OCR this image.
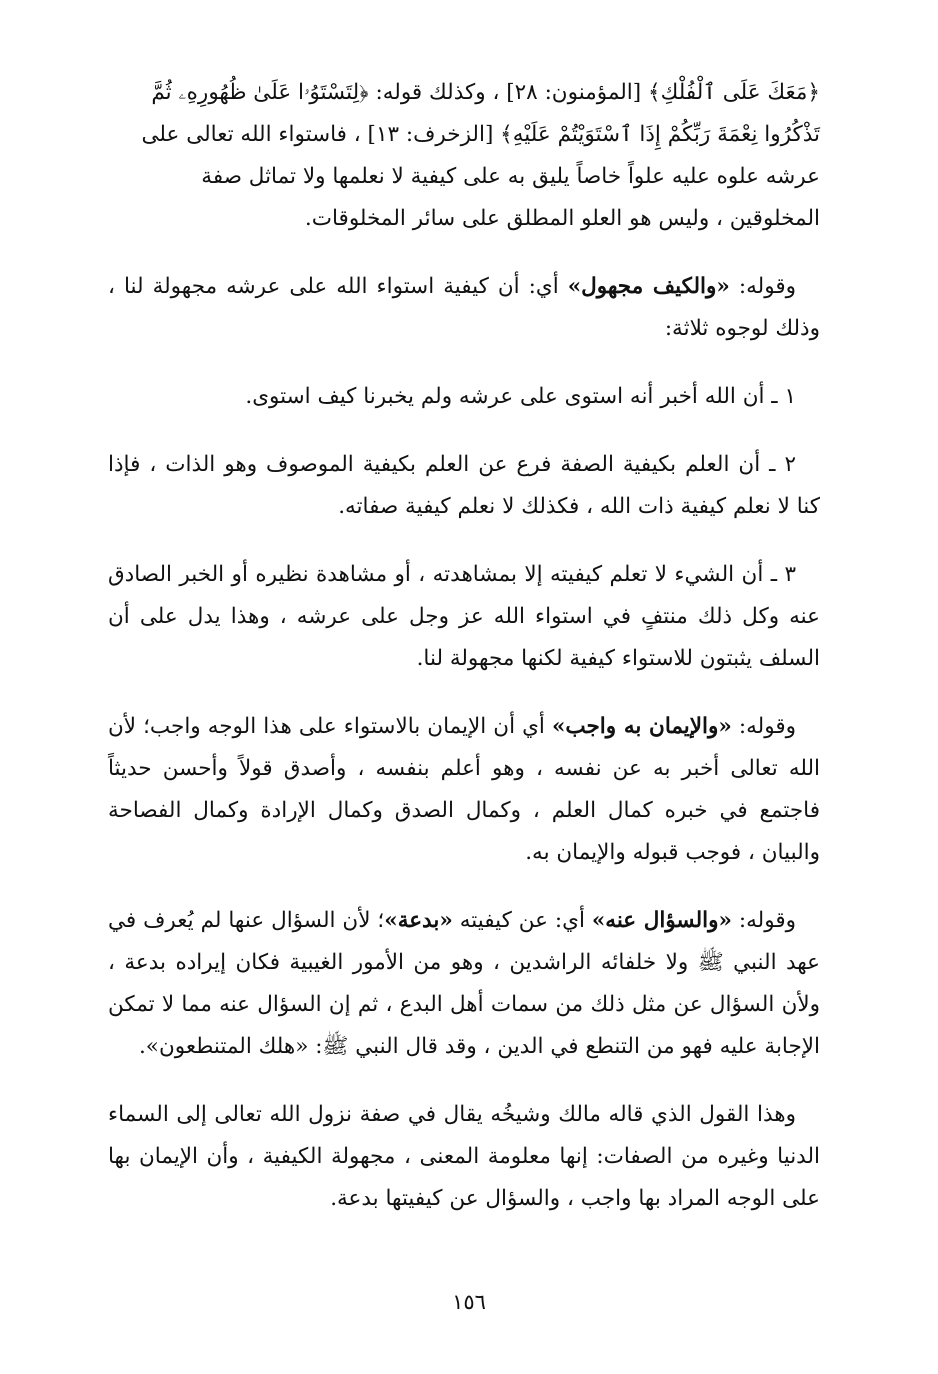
﴿مَعَكَ عَلَى ٱلْفُلْكِ﴾ [المؤمنون: ٢٨] ، وكذلك قوله: ﴿لِتَسْتَوُۥا عَلَىٰ ظُهُورِهِۦ ثُمَّ
تَذْكُرُوا نِعْمَةَ رَبِّكُمْ إِذَا ٱسْتَوَيْتُمْ عَلَيْهِ﴾ [الزخرف: ١٣] ، فاستواء الله تعالى على
عرشه علوه عليه علواً خاصاً يليق به على كيفية لا نعلمها ولا تماثل صفة
المخلوقين ، وليس هو العلو المطلق على سائر المخلوقات.

وقوله: «والكيف مجهول» أي: أن كيفية استواء الله على عرشه مجهولة لنا ، وذلك لوجوه ثلاثة:

١ ـ أن الله أخبر أنه استوى على عرشه ولم يخبرنا كيف استوى.

٢ ـ أن العلم بكيفية الصفة فرع عن العلم بكيفية الموصوف وهو الذات ، فإذا كنا لا نعلم كيفية ذات الله ، فكذلك لا نعلم كيفية صفاته.

٣ ـ أن الشيء لا تعلم كيفيته إلا بمشاهدته ، أو مشاهدة نظيره أو الخبر الصادق عنه وكل ذلك منتفٍ في استواء الله عز وجل على عرشه ، وهذا يدل على أن السلف يثبتون للاستواء كيفية لكنها مجهولة لنا.

وقوله: «والإيمان به واجب» أي أن الإيمان بالاستواء على هذا الوجه واجب؛ لأن الله تعالى أخبر به عن نفسه ، وهو أعلم بنفسه ، وأصدق قولاً وأحسن حديثاً فاجتمع في خبره كمال العلم ، وكمال الصدق وكمال الإرادة وكمال الفصاحة والبيان ، فوجب قبوله والإيمان به.

وقوله: «والسؤال عنه» أي: عن كيفيته «بدعة»؛ لأن السؤال عنها لم يُعرف في عهد النبي ﷺ ولا خلفائه الراشدين ، وهو من الأمور الغيبية فكان إيراده بدعة ، ولأن السؤال عن مثل ذلك من سمات أهل البدع ، ثم إن السؤال عنه مما لا تمكن الإجابة عليه فهو من التنطع في الدين ، وقد قال النبي ﷺ: «هلك المتنطعون».

وهذا القول الذي قاله مالك وشيخُه يقال في صفة نزول الله تعالى إلى السماء الدنيا وغيره من الصفات: إنها معلومة المعنى ، مجهولة الكيفية ، وأن الإيمان بها على الوجه المراد بها واجب ، والسؤال عن كيفيتها بدعة.

١٥٦
